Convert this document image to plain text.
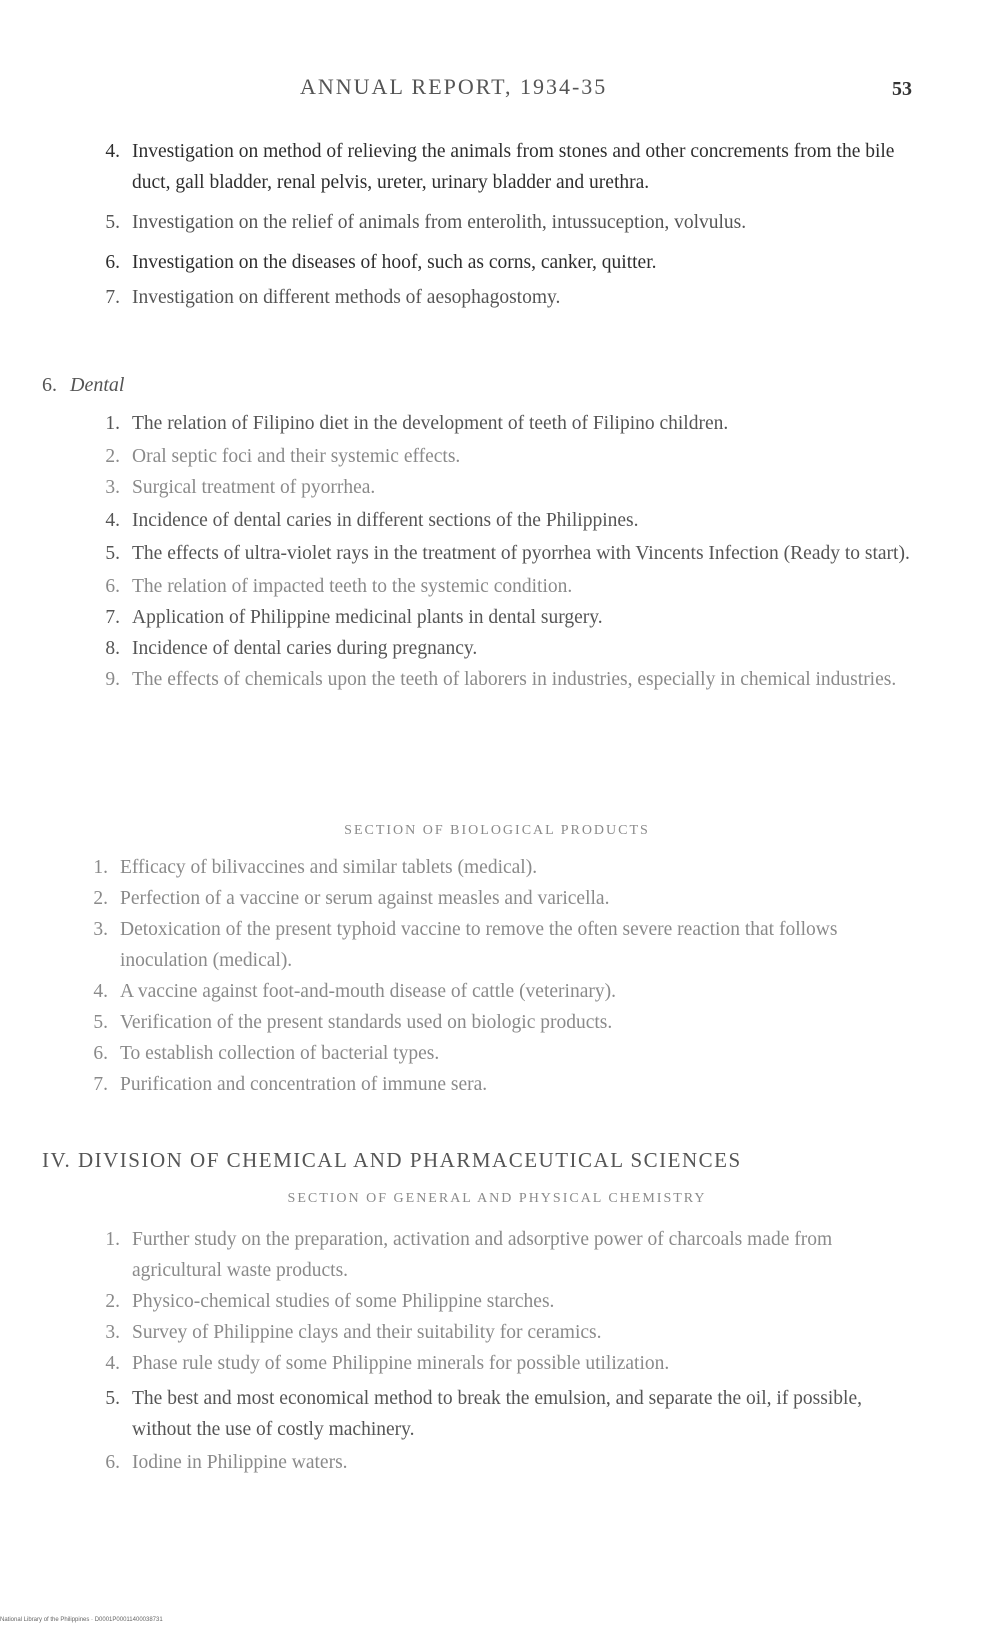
ANNUAL REPORT, 1934-35	53
4. Investigation on method of relieving the animals from stones and other concrements from the bile duct, gall bladder, renal pelvis, ureter, urinary bladder and urethra.
5. Investigation on the relief of animals from enterolith, intussuception, volvulus.
6. Investigation on the diseases of hoof, such as corns, canker, quitter.
7. Investigation on different methods of aesophagostomy.
6. Dental
1. The relation of Filipino diet in the development of teeth of Filipino children.
2. Oral septic foci and their systemic effects.
3. Surgical treatment of pyorrhea.
4. Incidence of dental caries in different sections of the Philippines.
5. The effects of ultra-violet rays in the treatment of pyorrhea with Vincents Infection (Ready to start).
6. The relation of impacted teeth to the systemic condition.
7. Application of Philippine medicinal plants in dental surgery.
8. Incidence of dental caries during pregnancy.
9. The effects of chemicals upon the teeth of laborers in industries, especially in chemical industries.
SECTION OF BIOLOGICAL PRODUCTS
1. Efficacy of bilivaccines and similar tablets (medical).
2. Perfection of a vaccine or serum against measles and varicella.
3. Detoxication of the present typhoid vaccine to remove the often severe reaction that follows inoculation (medical).
4. A vaccine against foot-and-mouth disease of cattle (veterinary).
5. Verification of the present standards used on biologic products.
6. To establish collection of bacterial types.
7. Purification and concentration of immune sera.
IV. DIVISION OF CHEMICAL AND PHARMACEUTICAL SCIENCES
SECTION OF GENERAL AND PHYSICAL CHEMISTRY
1. Further study on the preparation, activation and adsorptive power of charcoals made from agricultural waste products.
2. Physico-chemical studies of some Philippine starches.
3. Survey of Philippine clays and their suitability for ceramics.
4. Phase rule study of some Philippine minerals for possible utilization.
5. The best and most economical method to break the emulsion, and separate the oil, if possible, without the use of costly machinery.
6. Iodine in Philippine waters.
National Library of the Philippines · D0001P00011400038731
